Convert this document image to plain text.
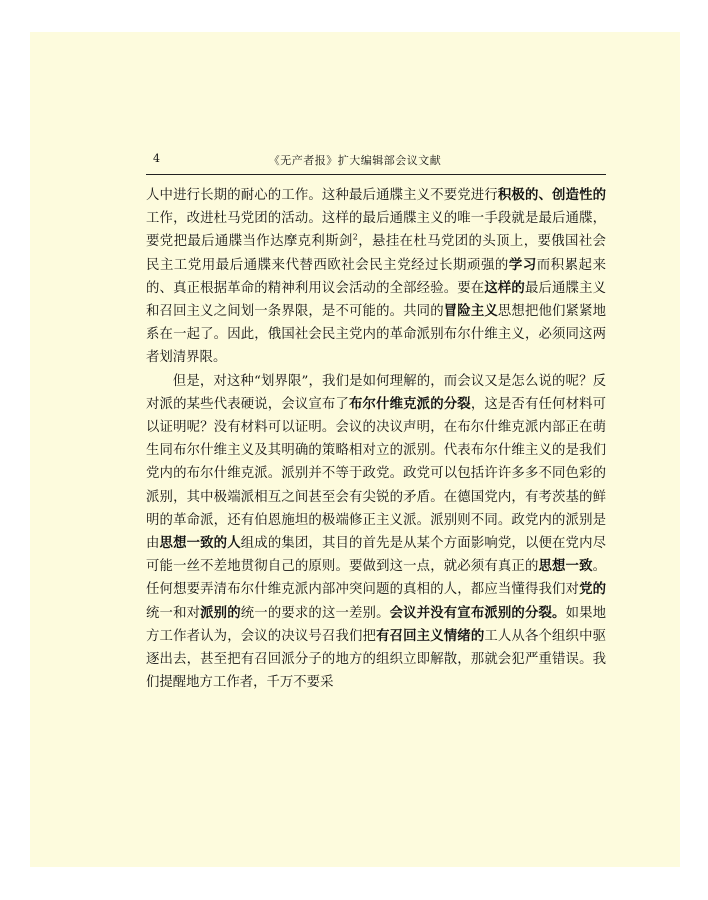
4	《无产者报》扩大编辑部会议文献

人中进行长期的耐心的工作。这种最后通牒主义不要党进行积极的、创造性的工作，改进杜马党团的活动。这样的最后通牒主义的唯一手段就是最后通牒，要党把最后通牒当作达摩克利斯剑$^2$，悬挂在杜马党团的头顶上，要俄国社会民主工党用最后通牒来代替西欧社会民主党经过长期顽强的学习而积累起来的、真正根据革命的精神利用议会活动的全部经验。要在这样的最后通牒主义和召回主义之间划一条界限，是不可能的。共同的冒险主义思想把他们紧紧地系在一起了。因此，俄国社会民主党内的革命派别布尔什维主义，必须同这两者划清界限。

但是，对这种“划界限”，我们是如何理解的，而会议又是怎么说的呢？反对派的某些代表硬说，会议宣布了布尔什维克派的分裂，这是否有任何材料可以证明呢？没有材料可以证明。会议的决议声明，在布尔什维克派内部正在萌生同布尔什维主义及其明确的策略相对立的派别。代表布尔什维主义的是我们党内的布尔什维克派。派别并不等于政党。政党可以包括许许多多不同色彩的派别，其中极端派相互之间甚至会有尖锐的矛盾。在德国党内，有考茨基的鲜明的革命派，还有伯恩施坦的极端修正主义派。派别则不同。政党内的派别是由思想一致的人组成的集团，其目的首先是从某个方面影响党，以便在党内尽可能一丝不差地贯彻自己的原则。要做到这一点，就必须有真正的思想一致。任何想要弄清布尔什维克派内部冲突问题的真相的人，都应当懂得我们对党的统一和对派别的统一的要求的这一差别。会议并没有宣布派别的分裂。如果地方工作者认为，会议的决议号召我们把有召回主义情绪的工人从各个组织中驱逐出去，甚至把有召回派分子的地方的组织立即解散，那就会犯严重错误。我们提醒地方工作者，千万不要采
